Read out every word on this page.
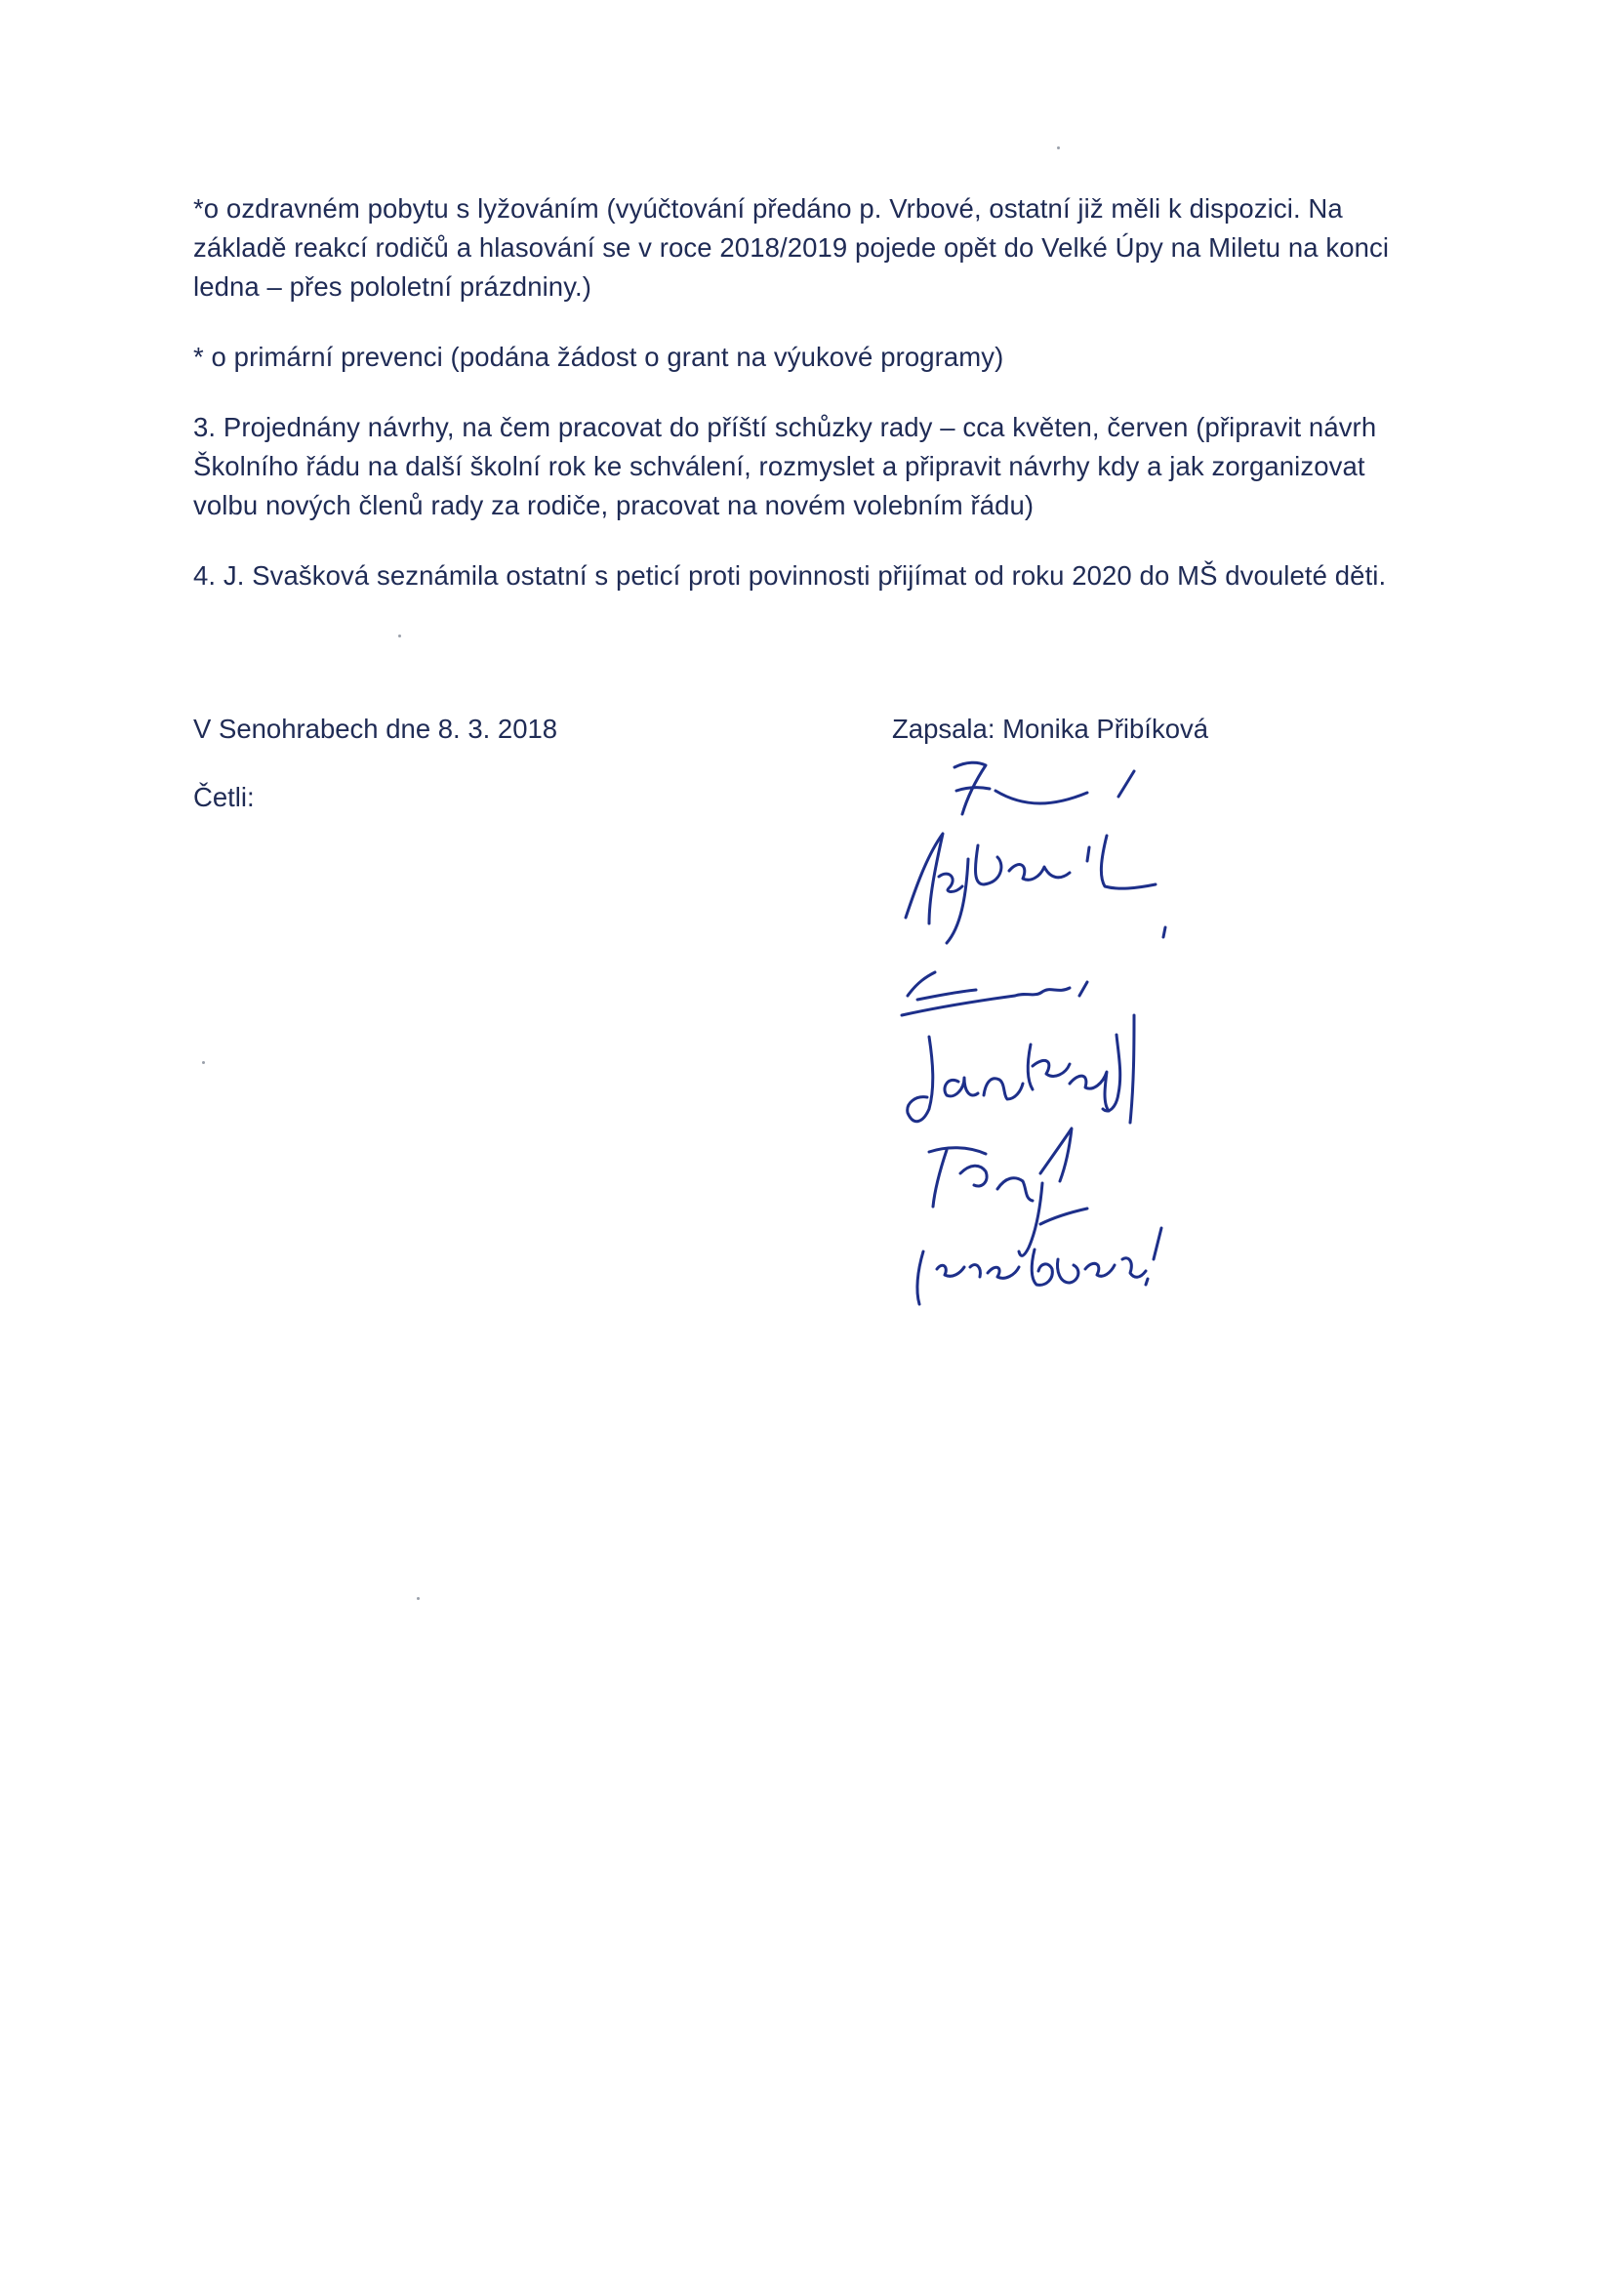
*o ozdravném pobytu s lyžováním (vyúčtování předáno p. Vrbové, ostatní již měli k dispozici. Na
základě reakcí rodičů a hlasování se v roce 2018/2019 pojede opět do Velké Úpy na Miletu na konci
ledna – přes pololetní prázdniny.)

* o primární prevenci (podána žádost o grant na výukové programy)

3. Projednány návrhy, na čem pracovat do příští schůzky rady – cca květen, červen (připravit návrh
Školního řádu na další školní rok ke schválení, rozmyslet a připravit návrhy kdy a jak zorganizovat
volbu nových členů rady za rodiče, pracovat na novém volebním řádu)

4. J. Svašková seznámila ostatní s peticí proti povinnosti přijímat od roku 2020 do MŠ dvouleté děti.

V Senohrabech dne 8. 3. 2018	Zapsala: Monika Přibíková
Četli:
